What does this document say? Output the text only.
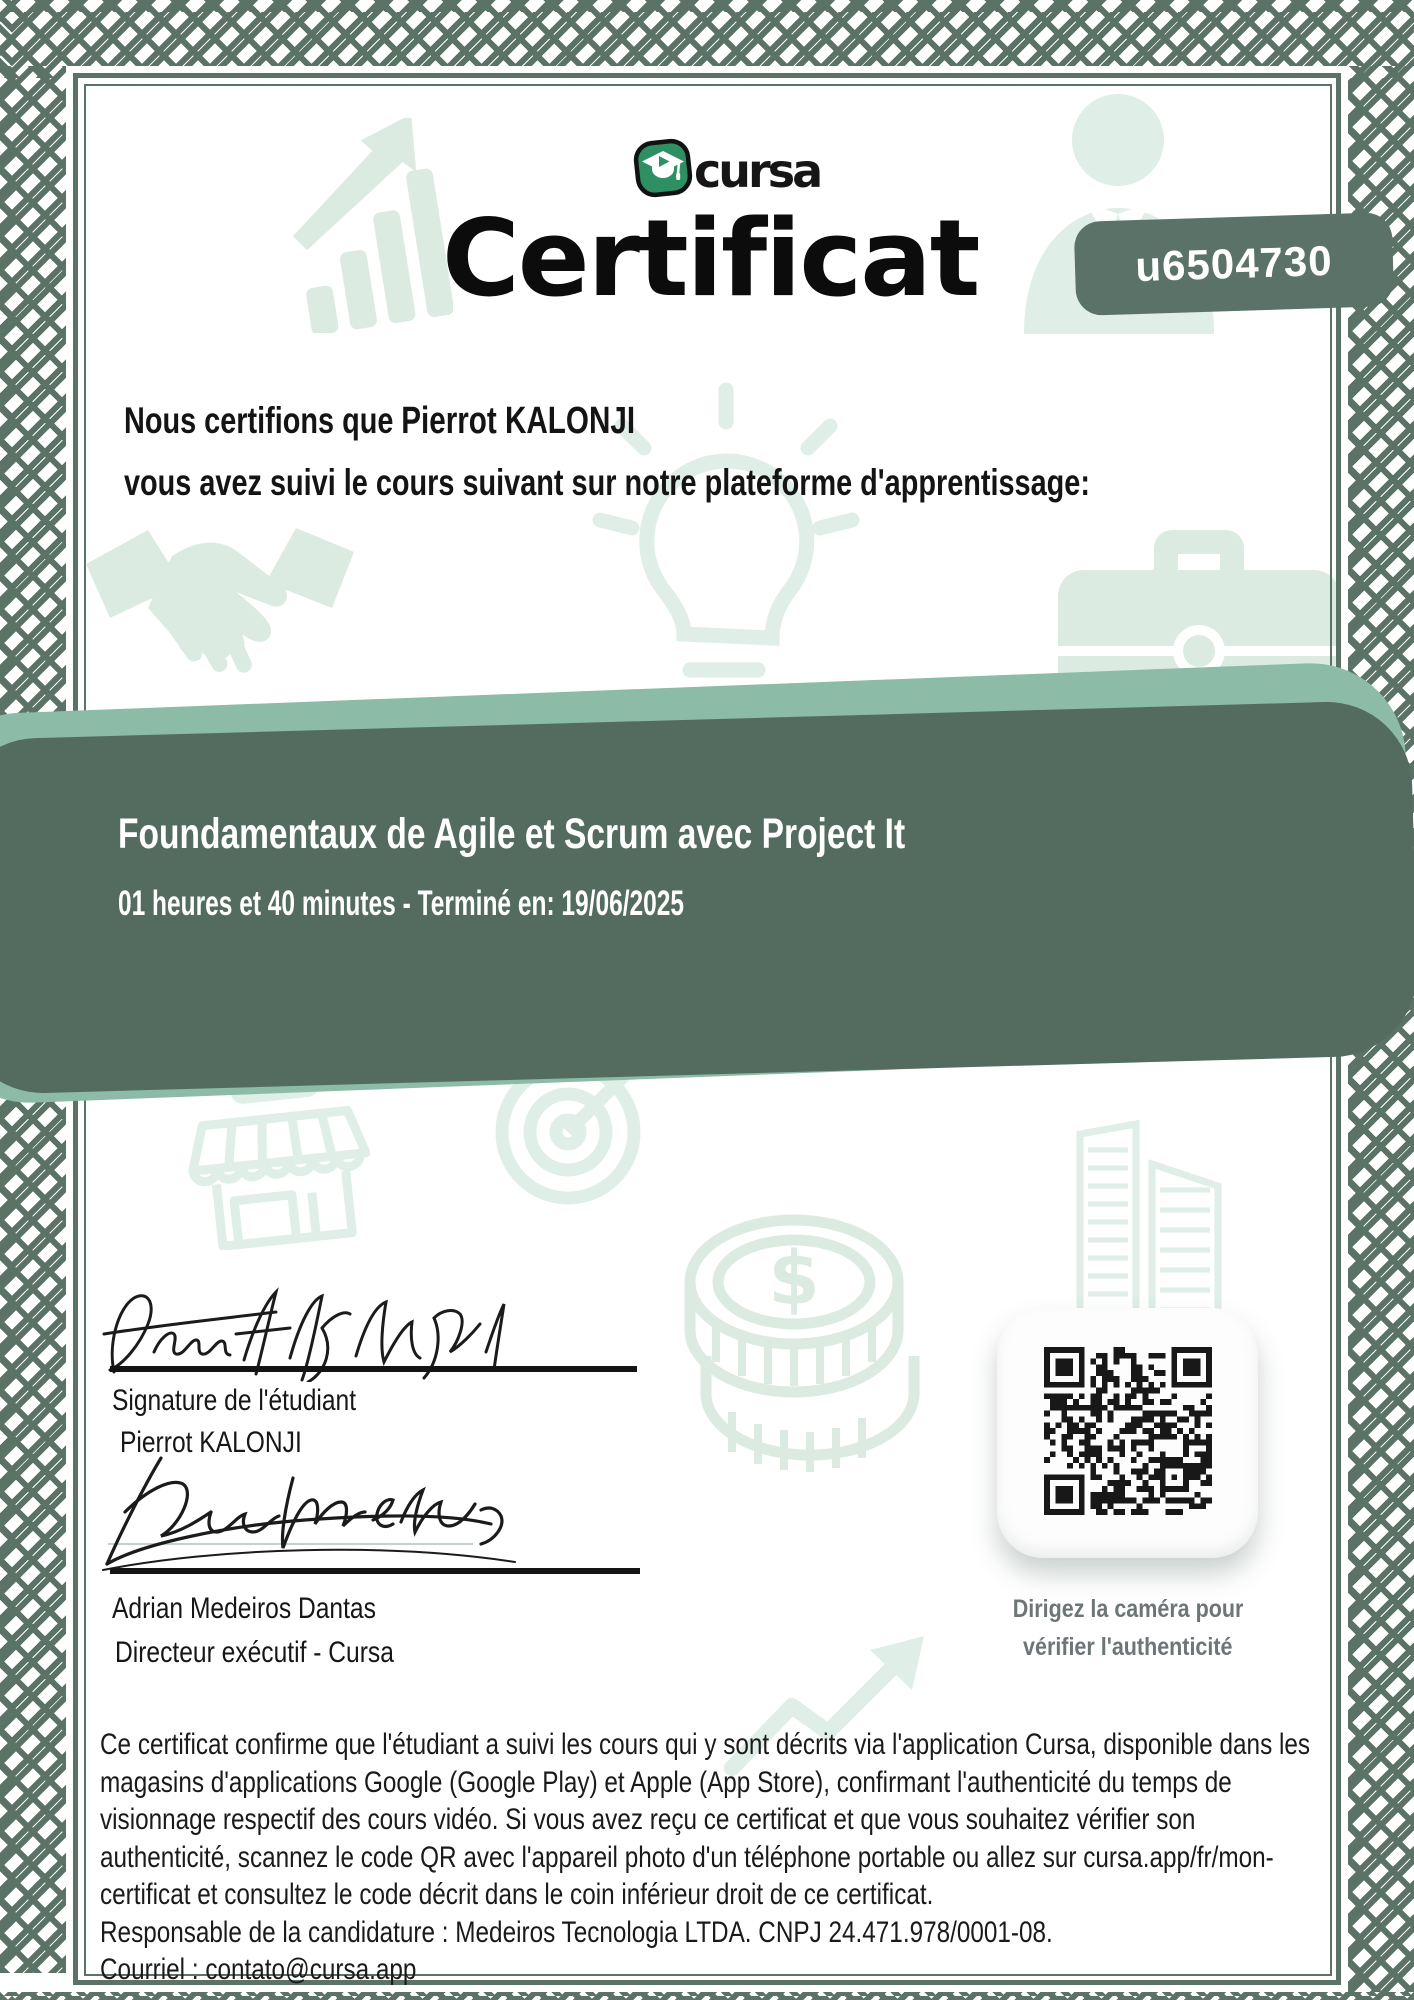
$
cursa
Certificat	u6504730
Nous certifions que Pierrot KALONJI
vous avez suivi le cours suivant sur notre plateforme d'apprentissage:
Foundamentaux de Agile et Scrum avec Project It
01 heures et 40 minutes - Terminé en: 19/06/2025
Signature de l'étudiant
Pierrot KALONJI
Adrian Medeiros Dantas
Directeur exécutif - Cursa
Dirigez la caméra pour
vérifier l'authenticité

Ce certificat confirme que l'étudiant a suivi les cours qui y sont décrits via l'application Cursa, disponible dans les magasins d'applications Google (Google Play) et Apple (App Store), confirmant l'authenticité du temps de visionnage respectif des cours vidéo. Si vous avez reçu ce certificat et que vous souhaitez vérifier son authenticité, scannez le code QR avec l'appareil photo d'un téléphone portable ou allez sur cursa.app/fr/mon-certificat et consultez le code décrit dans le coin inférieur droit de ce certificat.

Responsable de la candidature : Medeiros Tecnologia LTDA. CNPJ 24.471.978/0001-08.
Courriel : contato@cursa.app
